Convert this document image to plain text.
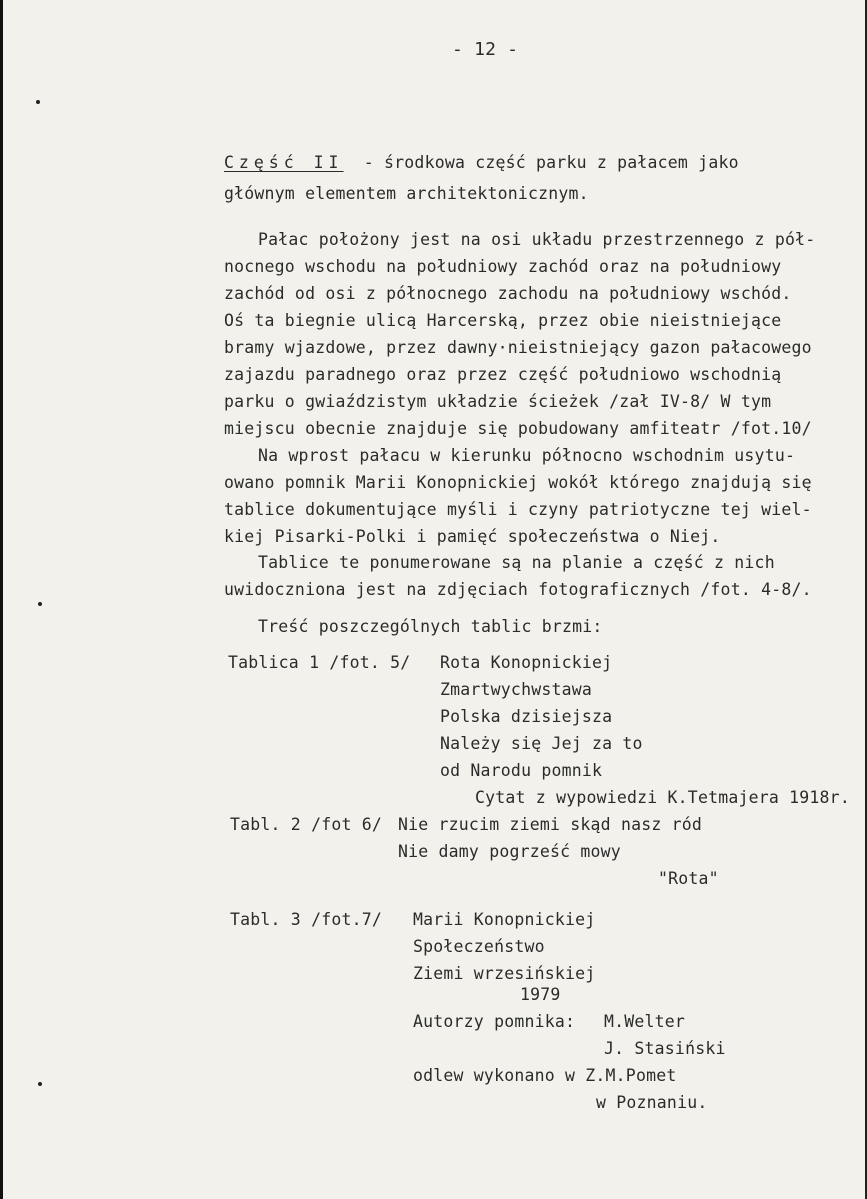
- 12 -
Część II - środkowa część parku z pałacem jako
głównym elementem architektonicznym.
Pałac położony jest na osi układu przestrzennego z pół-
nocnego wschodu na południowy zachód oraz na południowy
zachód od osi z północnego zachodu na południowy wschód.
Oś ta biegnie ulicą Harcerską, przez obie nieistniejące
bramy wjazdowe, przez dawny·nieistniejący gazon pałacowego
zajazdu paradnego oraz przez część południowo wschodnią
parku o gwiaździstym układzie ścieżek /zał IV-8/ W tym
miejscu obecnie znajduje się pobudowany amfiteatr /fot.10/
Na wprost pałacu w kierunku północno wschodnim usytu-
owano pomnik Marii Konopnickiej wokół którego znajdują się
tablice dokumentujące myśli i czyny patriotyczne tej wiel-
kiej Pisarki-Polki i pamięć społeczeństwa o Niej.
Tablice te ponumerowane są na planie a część z nich
uwidoczniona jest na zdjęciach fotograficznych /fot. 4-8/.
Treść poszczególnych tablic brzmi:
Tablica 1 /fot. 5/ Rota Konopnickiej
Zmartwychwstawa
Polska dzisiejsza
Należy się Jej za to
od Narodu pomnik
Cytat z wypowiedzi K.Tetmajera 1918r.
Tabl. 2 /fot 6/ Nie rzucim ziemi skąd nasz ród
Nie damy pogrześć mowy
"Rota"
Tabl. 3 /fot.7/ Marii Konopnickiej
Społeczeństwo
Ziemi wrzesińskiej
1979
Autorzy pomnika: M.Welter
J. Stasiński
odlew wykonano w Z.M.Pomet
w Poznaniu.
